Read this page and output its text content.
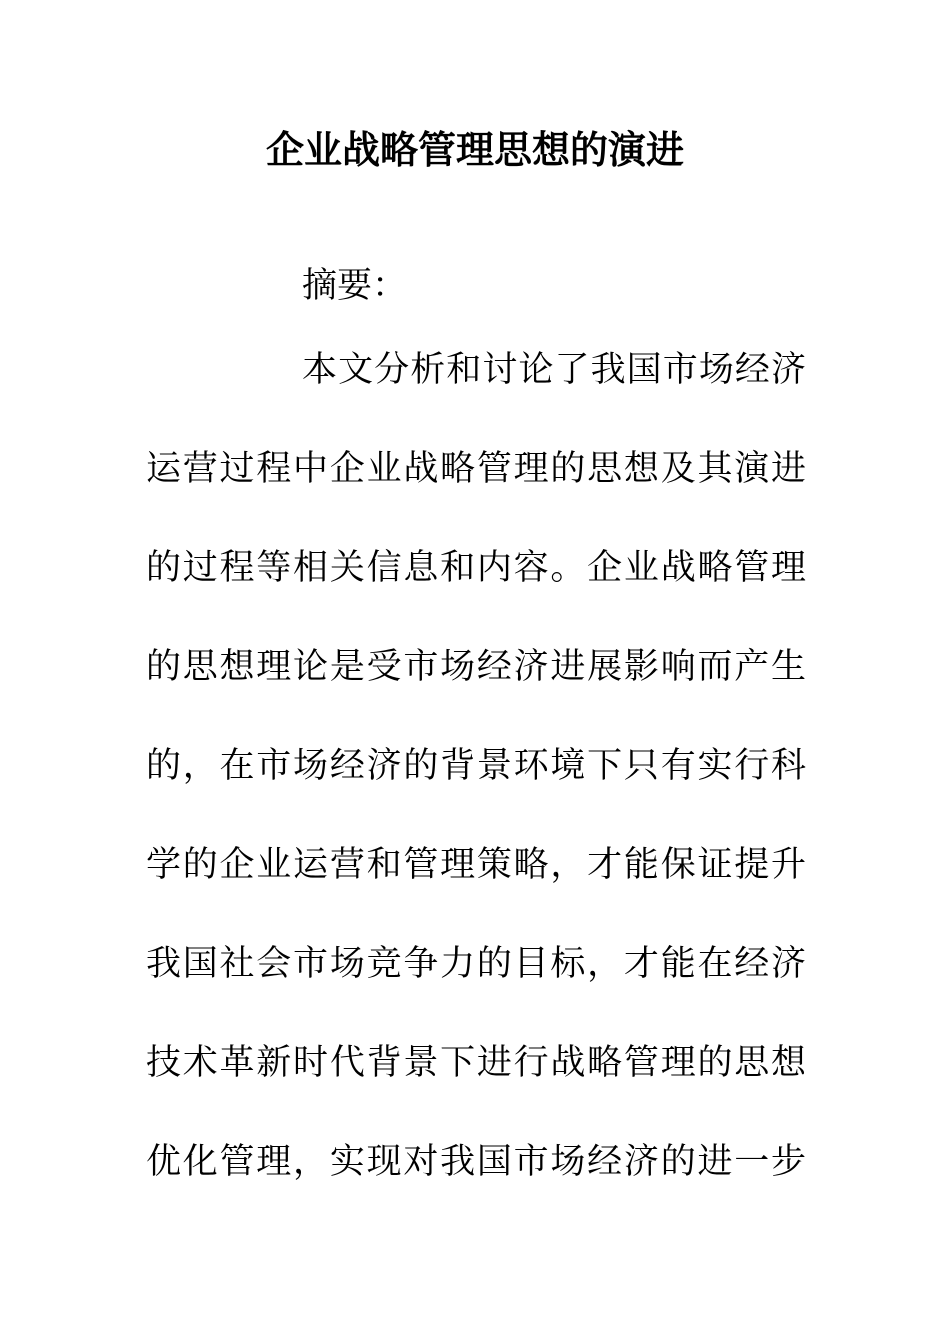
企业战略管理思想的演进
摘要：
本文分析和讨论了我国市场经济
运营过程中企业战略管理的思想及其演进
的过程等相关信息和内容。企业战略管理
的思想理论是受市场经济进展影响而产生
的，在市场经济的背景环境下只有实行科
学的企业运营和管理策略，才能保证提升
我国社会市场竞争力的目标，才能在经济
技术革新时代背景下进行战略管理的思想
优化管理，实现对我国市场经济的进一步
